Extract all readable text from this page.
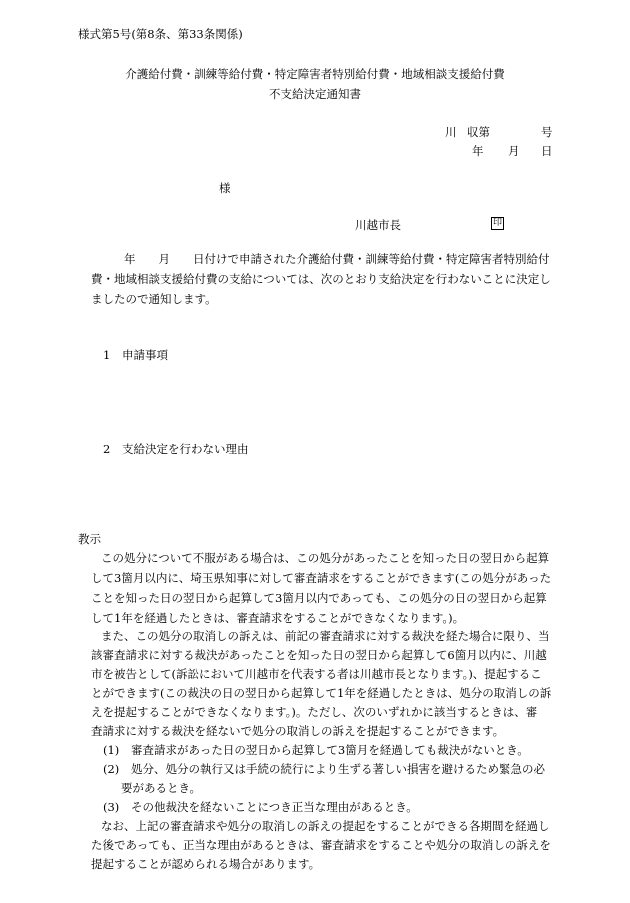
様式第5号(第8条、第33条関係)
介護給付費・訓練等給付費・特定障害者特別給付費・地域相談支援給付費
不支給決定通知書
川 収第	号
年 月 日
様
川越市長	印
年　　月　　日付けで申請された介護給付費・訓練等給付費・特定障害者特別給付
費・地域相談支援給付費の支給については、次のとおり支給決定を行わないことに決定し
ましたので通知します。
1 申請事項
2 支給決定を行わない理由
教示
この処分について不服がある場合は、この処分があったことを知った日の翌日から起算
して3箇月以内に、埼玉県知事に対して審査請求をすることができます(この処分があった
ことを知った日の翌日から起算して3箇月以内であっても、この処分の日の翌日から起算
して1年を経過したときは、審査請求をすることができなくなります。)。
また、この処分の取消しの訴えは、前記の審査請求に対する裁決を経た場合に限り、当
該審査請求に対する裁決があったことを知った日の翌日から起算して6箇月以内に、川越
市を被告として(訴訟において川越市を代表する者は川越市長となります。)、提起するこ
とができます(この裁決の日の翌日から起算して1年を経過したときは、処分の取消しの訴
えを提起することができなくなります。)。ただし、次のいずれかに該当するときは、審
査請求に対する裁決を経ないで処分の取消しの訴えを提起することができます。
(1) 審査請求があった日の翌日から起算して3箇月を経過しても裁決がないとき。
(2) 処分、処分の執行又は手続の続行により生ずる著しい損害を避けるため緊急の必
要があるとき。
(3) その他裁決を経ないことにつき正当な理由があるとき。
なお、上記の審査請求や処分の取消しの訴えの提起をすることができる各期間を経過し
た後であっても、正当な理由があるときは、審査請求をすることや処分の取消しの訴えを
提起することが認められる場合があります。
